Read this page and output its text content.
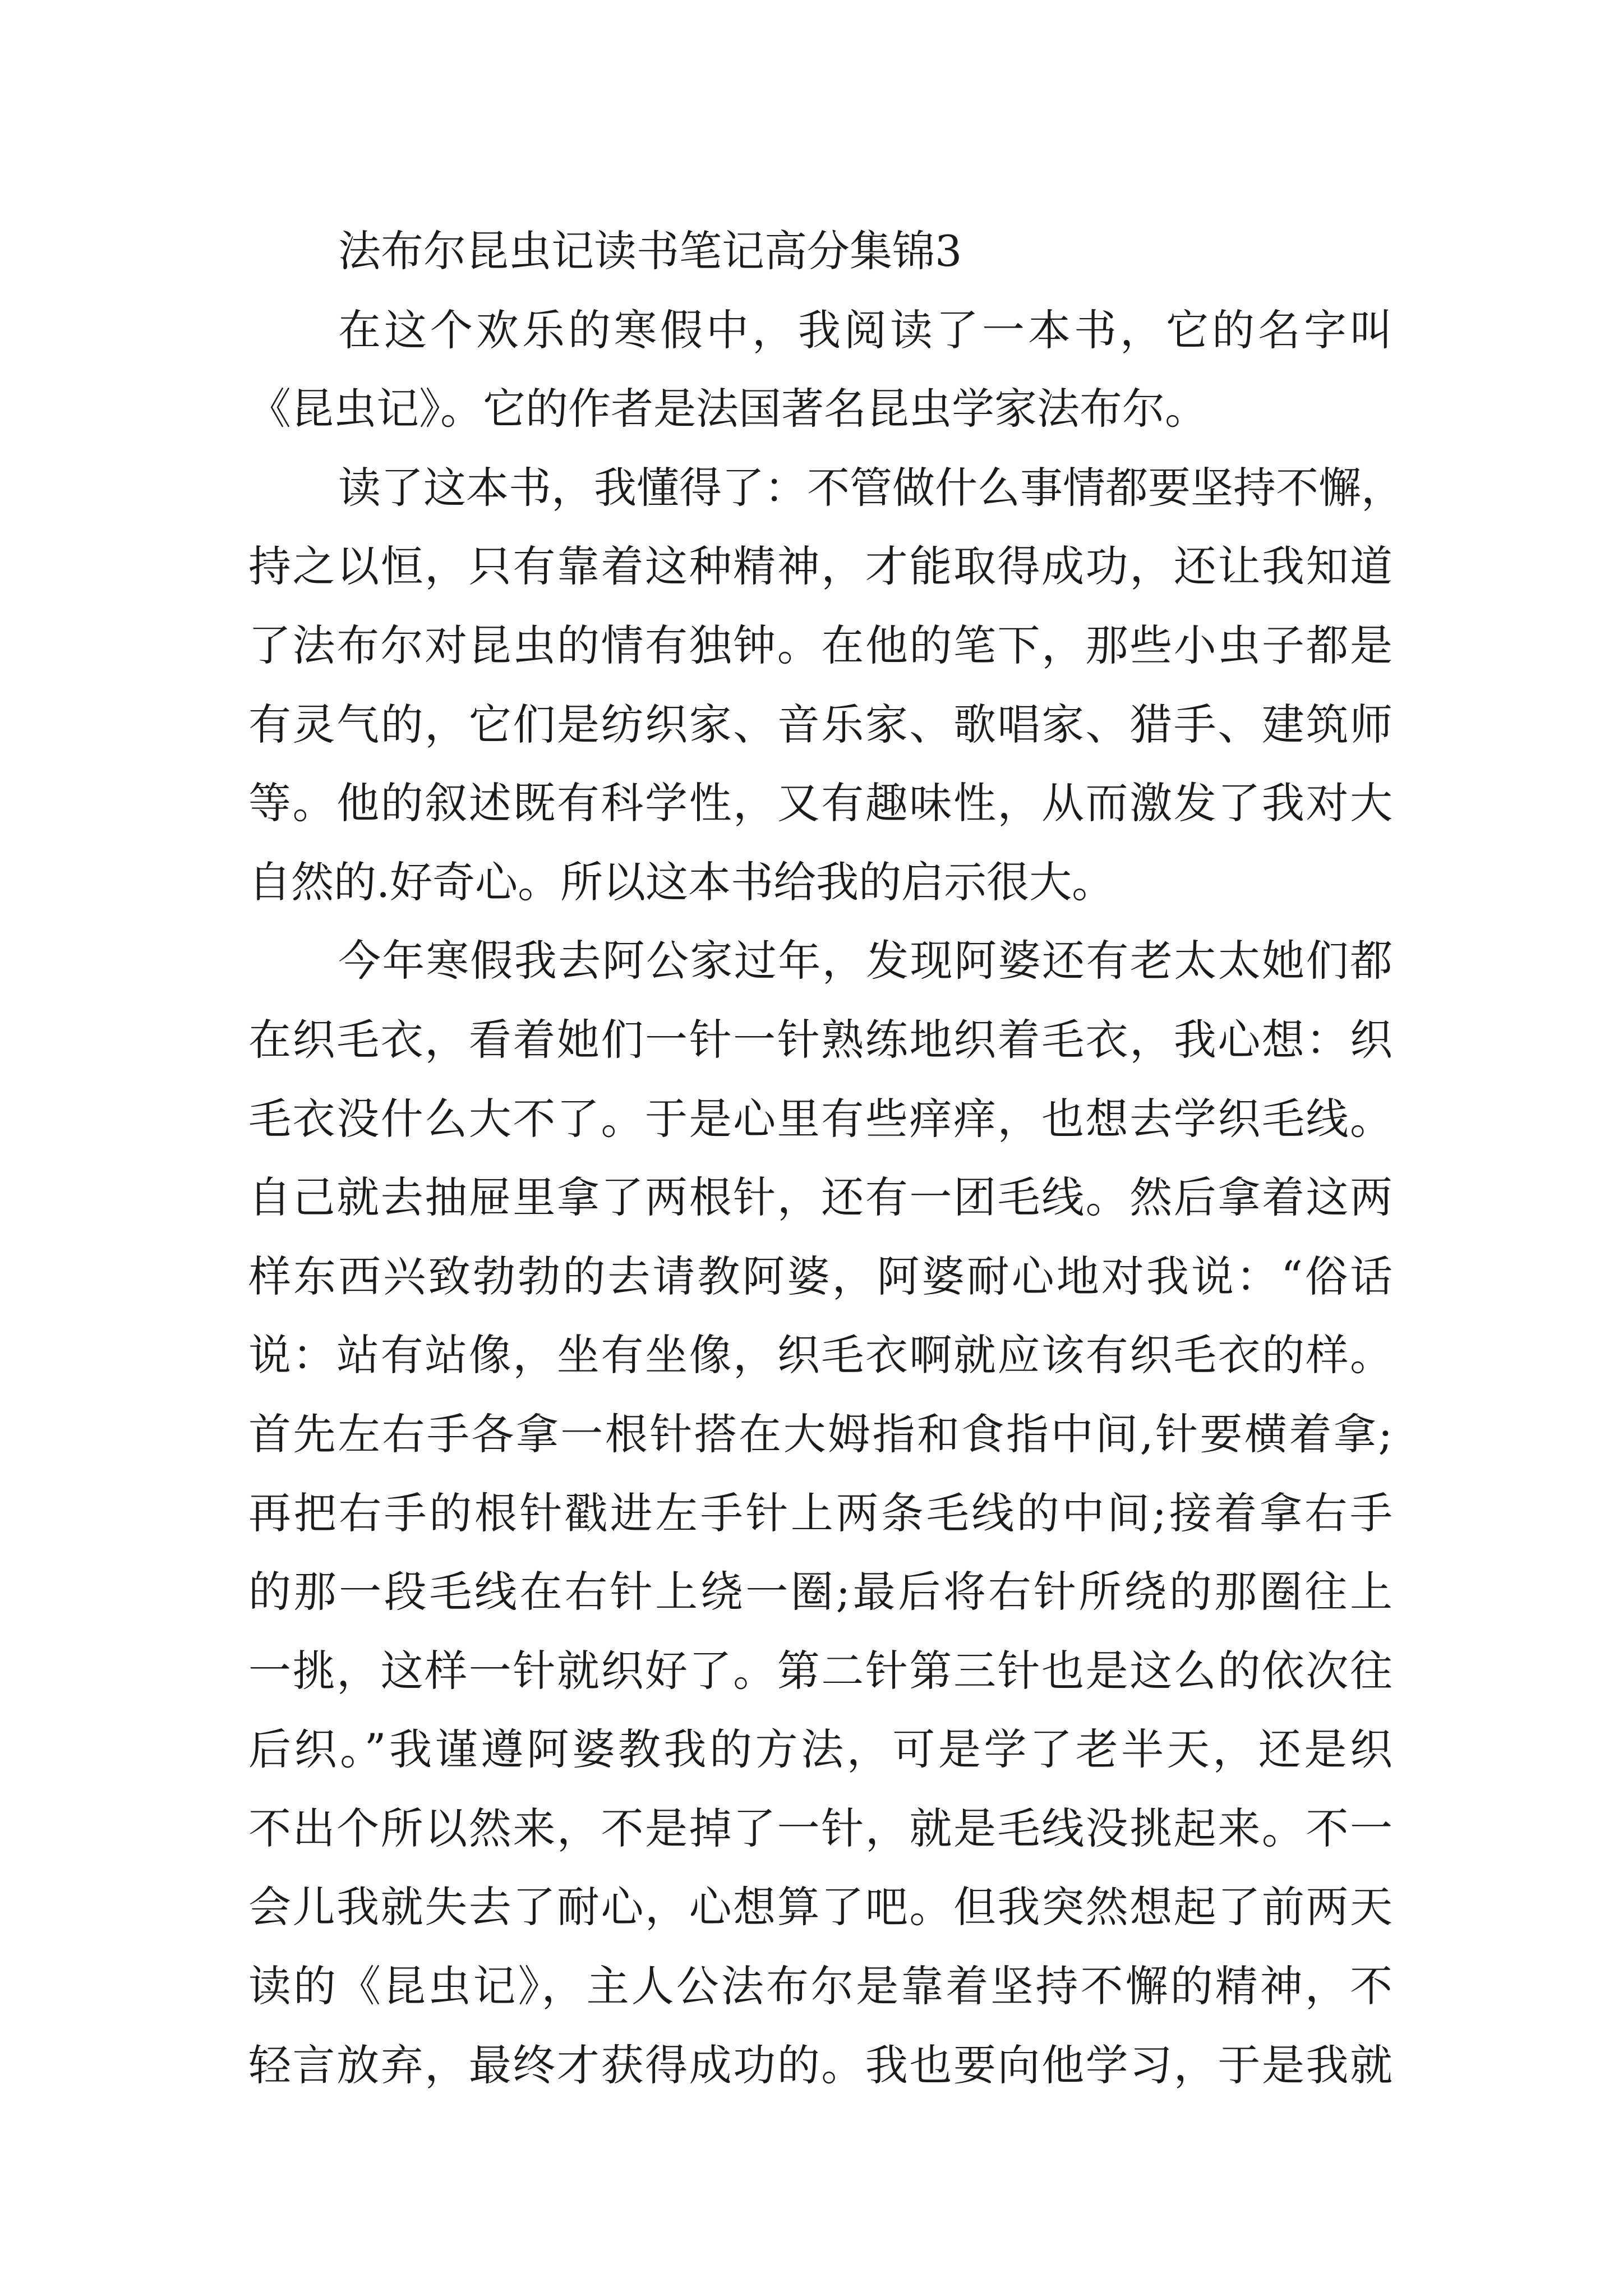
法布尔昆虫记读书笔记高分集锦3
在这个欢乐的寒假中，我阅读了一本书，它的名字叫
《昆虫记》。它的作者是法国著名昆虫学家法布尔。
读了这本书，我懂得了：不管做什么事情都要坚持不懈，
持之以恒，只有靠着这种精神，才能取得成功，还让我知道
了法布尔对昆虫的情有独钟。在他的笔下，那些小虫子都是
有灵气的，它们是纺织家、音乐家、歌唱家、猎手、建筑师
等。他的叙述既有科学性，又有趣味性，从而激发了我对大
自然的.好奇心。所以这本书给我的启示很大。
今年寒假我去阿公家过年，发现阿婆还有老太太她们都
在织毛衣，看着她们一针一针熟练地织着毛衣，我心想：织
毛衣没什么大不了。于是心里有些痒痒，也想去学织毛线。
自己就去抽屉里拿了两根针，还有一团毛线。然后拿着这两
样东西兴致勃勃的去请教阿婆，阿婆耐心地对我说：“俗话
说：站有站像，坐有坐像，织毛衣啊就应该有织毛衣的样。
首先左右手各拿一根针搭在大姆指和食指中间,针要横着拿;
再把右手的根针戳进左手针上两条毛线的中间;接着拿右手
的那一段毛线在右针上绕一圈;最后将右针所绕的那圈往上
一挑，这样一针就织好了。第二针第三针也是这么的依次往
后织。”我谨遵阿婆教我的方法，可是学了老半天，还是织
不出个所以然来，不是掉了一针，就是毛线没挑起来。不一
会儿我就失去了耐心，心想算了吧。但我突然想起了前两天
读的《昆虫记》，主人公法布尔是靠着坚持不懈的精神，不
轻言放弃，最终才获得成功的。我也要向他学习，于是我就
